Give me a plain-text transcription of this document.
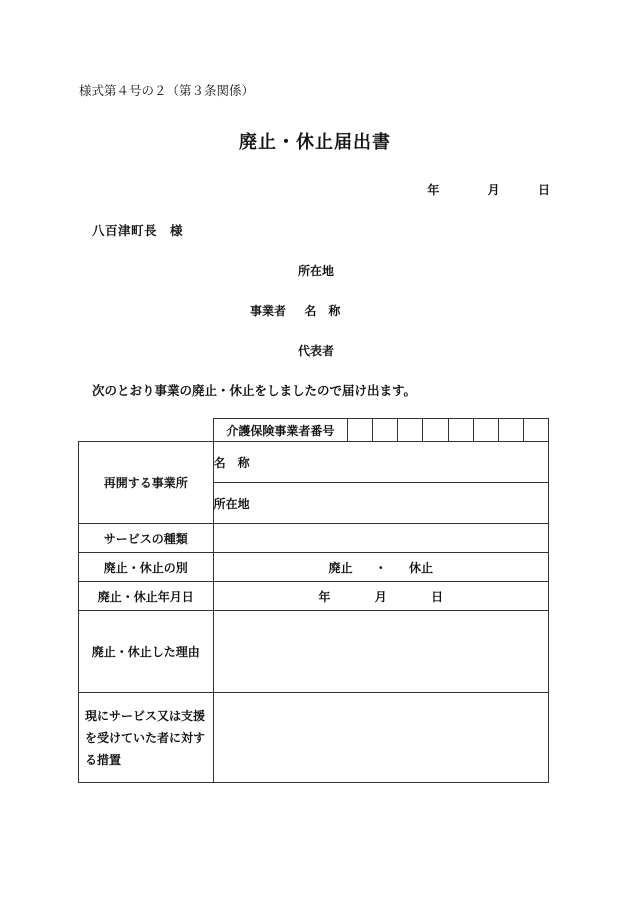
様式第４号の２（第３条関係）
廃止・休止届出書
年	月	日
八百津町長　様
所在地
事業者 名　称
代表者
次のとおり事業の廃止・休止をしましたので届け出ます。
	介護保険事業者番号								
再開する事業所	名　称								
	所在地								
サービスの種類									
廃止・休止の別	廃止 ・ 休止								
廃止・休止年月日	年 月 日								
廃止・休止した理由									
現にサービス又は支援を受けていた者に対する措置									
